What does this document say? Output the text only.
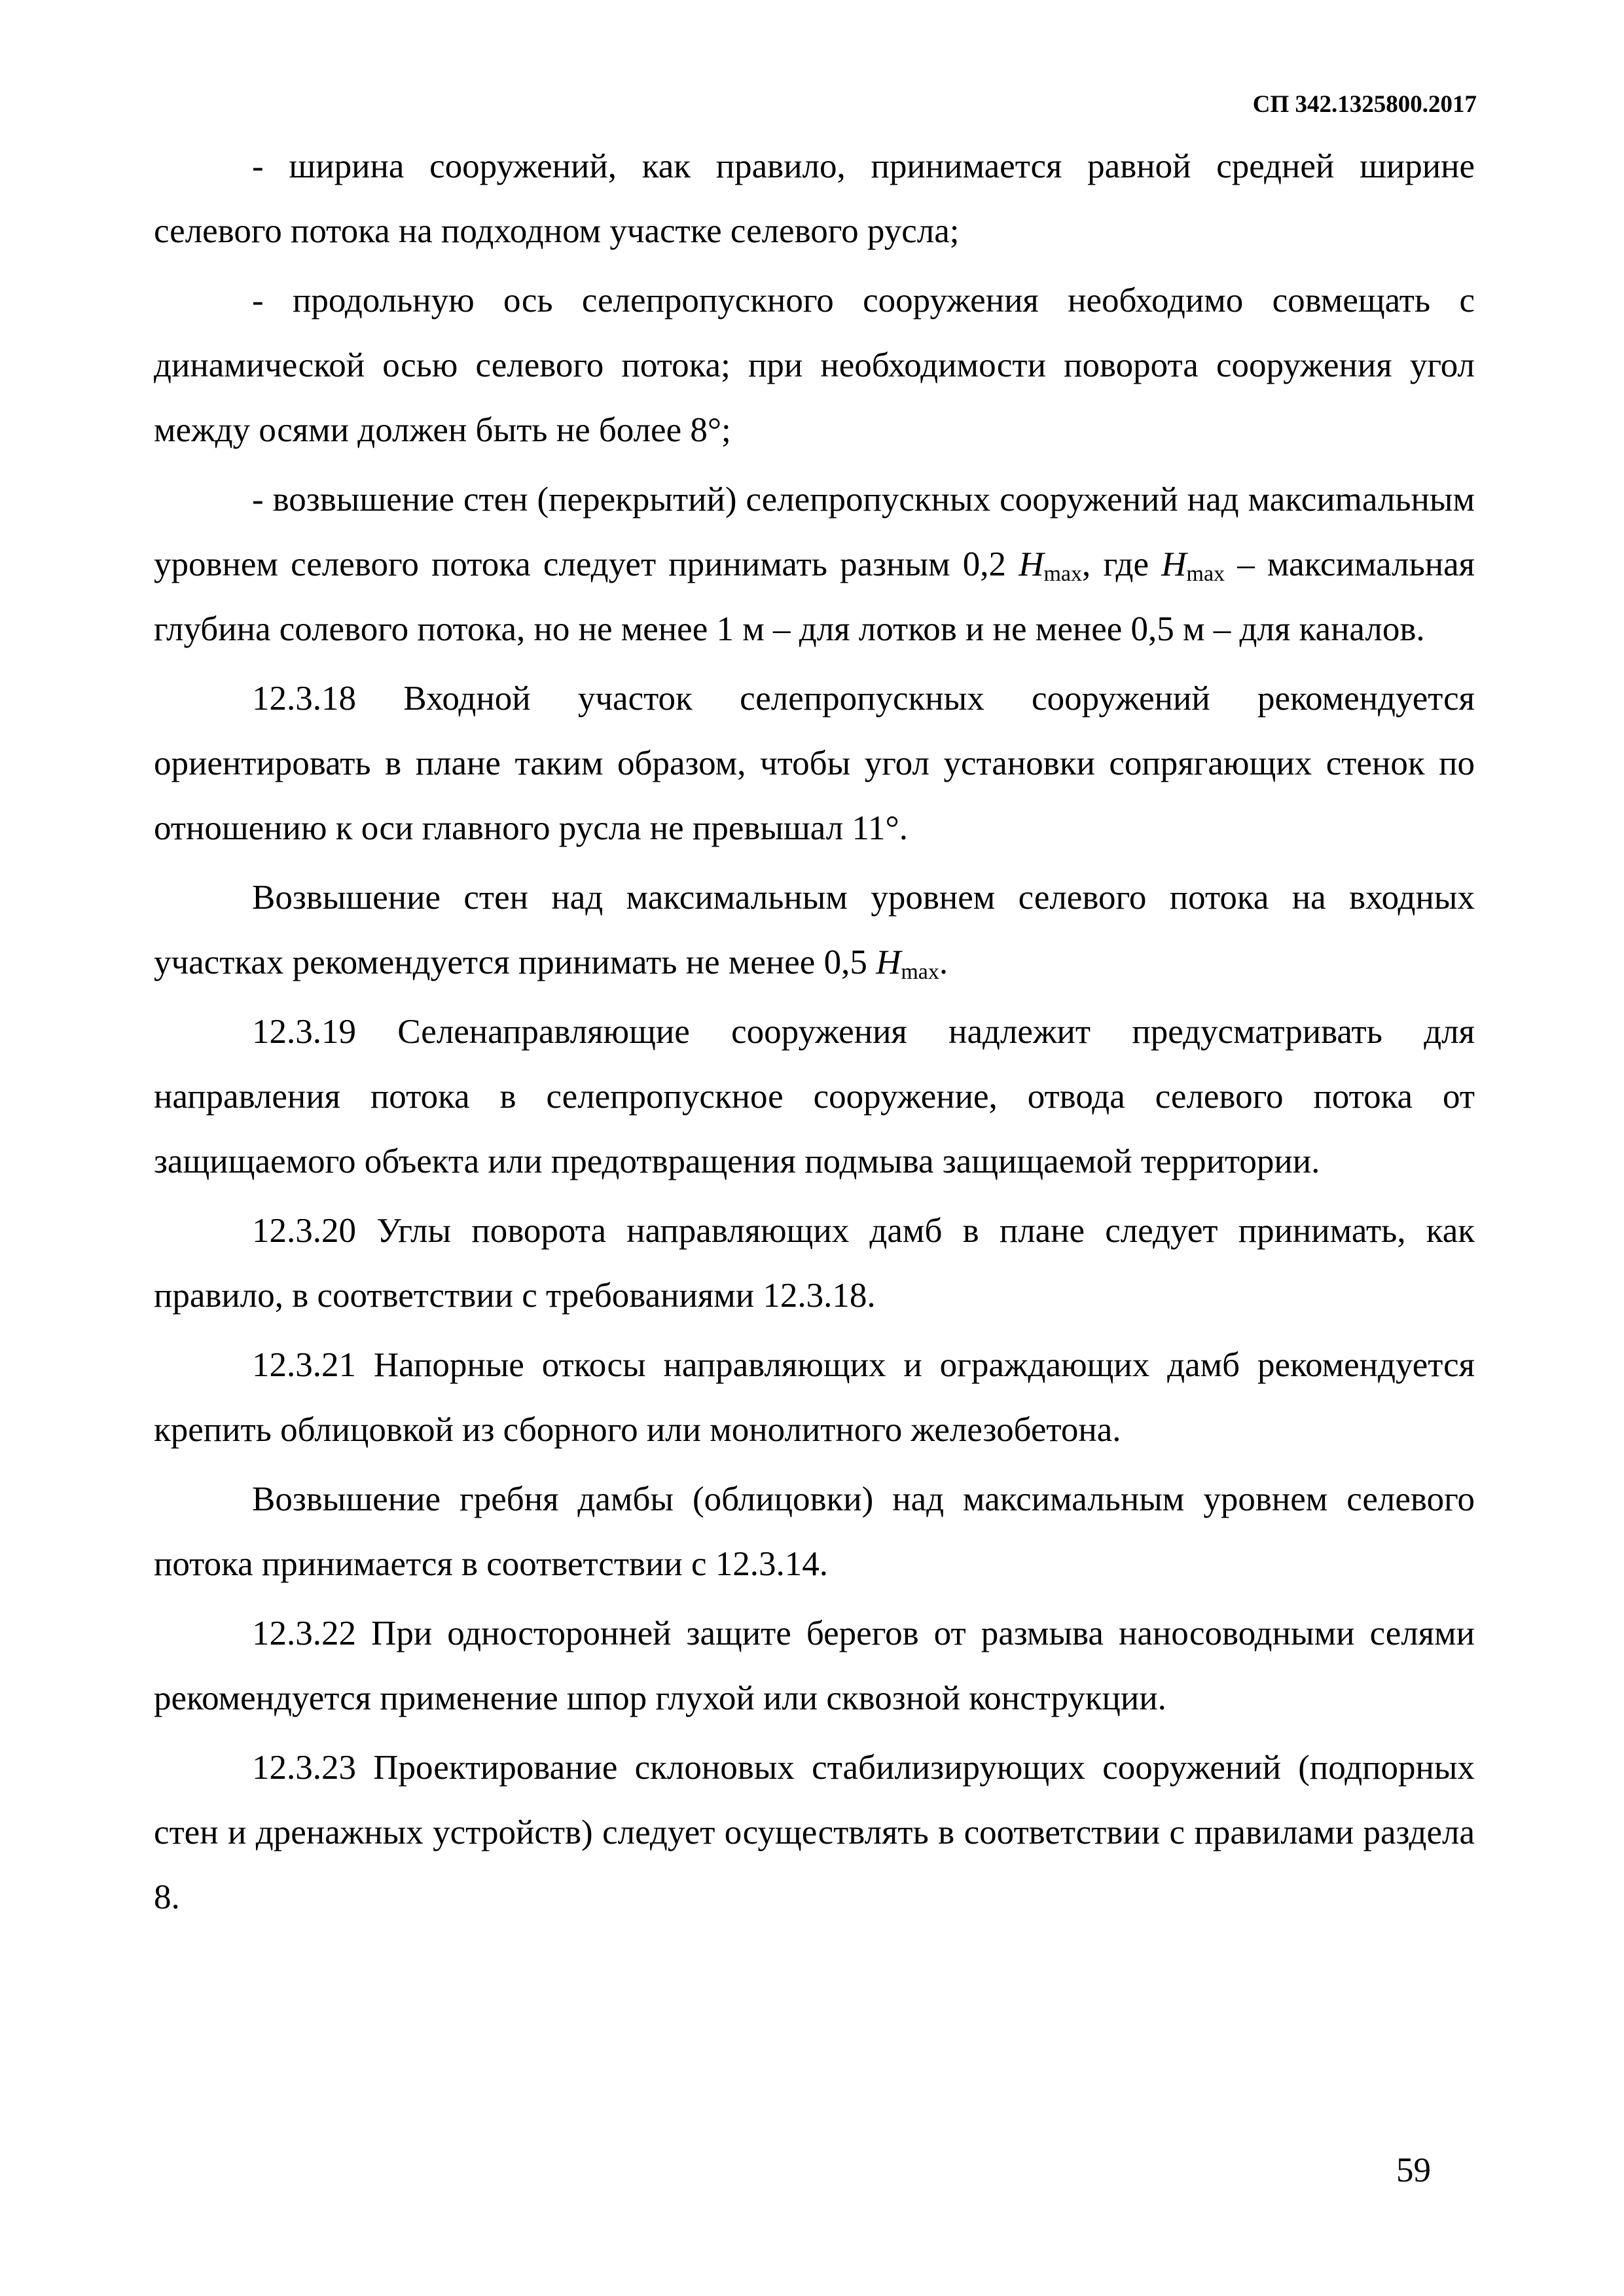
СП 342.1325800.2017

- ширина сооружений, как правило, принимается равной средней ширине селевого потока на подходном участке селевого русла;

- продольную ось селепропускного сооружения необходимо совмещать с динамической осью селевого потока; при необходимости поворота сооружения угол между осями должен быть не более 8°;

- возвышение стен (перекрытий) селепропускных сооружений над максиmальным уровнем селевого потока следует принимать разным 0,2 $H_{max}$, где $H_{max}$ – максимальная глубина солевого потока, но не менее 1 м – для лотков и не менее 0,5 м – для каналов.

12.3.18 Входной участок селепропускных сооружений рекомендуется ориентировать в плане таким образом, чтобы угол установки сопрягающих стенок по отношению к оси главного русла не превышал 11°.

Возвышение стен над максимальным уровнем селевого потока на входных участках рекомендуется принимать не менее 0,5 $H_{max}$.

12.3.19 Селенаправляющие сооружения надлежит предусматривать для направления потока в селепропускное сооружение, отвода селевого потока от защищаемого объекта или предотвращения подмыва защищаемой территории.

12.3.20 Углы поворота направляющих дамб в плане следует принимать, как правило, в соответствии с требованиями 12.3.18.

12.3.21 Напорные откосы направляющих и ограждающих дамб рекомендуется крепить облицовкой из сборного или монолитного железобетона.

Возвышение гребня дамбы (облицовки) над максимальным уровнем селевого потока принимается в соответствии с 12.3.14.

12.3.22 При односторонней защите берегов от размыва наносоводными селями рекомендуется применение шпор глухой или сквозной конструкции.

12.3.23 Проектирование склоновых стабилизирующих сооружений (подпорных стен и дренажных устройств) следует осуществлять в соответствии с правилами раздела 8.

59
